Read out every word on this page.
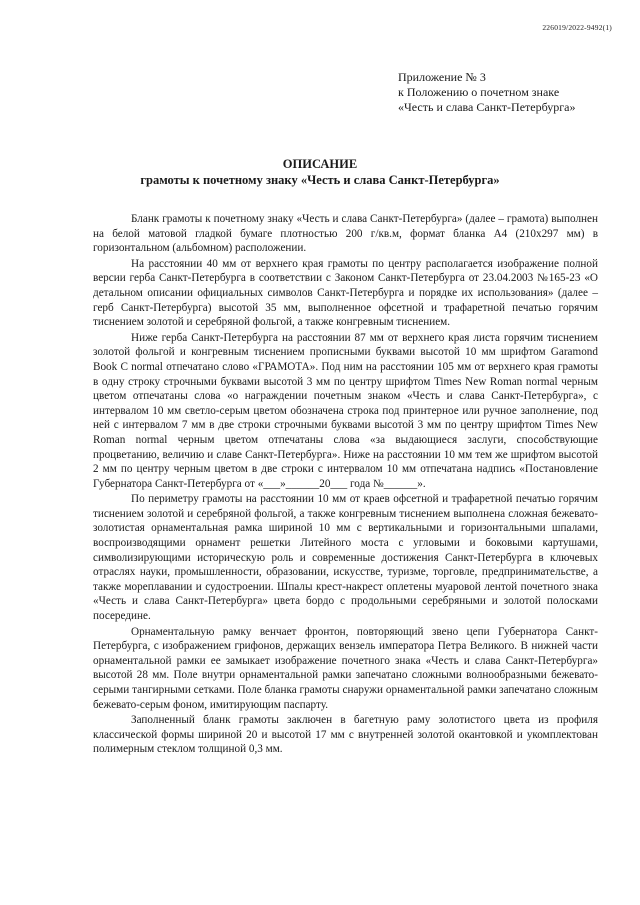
226019/2022-9492(1)
Приложение № 3
к Положению о почетном знаке
«Честь и слава Санкт-Петербурга»
ОПИСАНИЕ
грамоты к почетному знаку «Честь и слава Санкт-Петербурга»

Бланк грамоты к почетному знаку «Честь и слава Санкт-Петербурга» (далее – грамота) выполнен на белой матовой гладкой бумаге плотностью 200 г/кв.м, формат бланка А4 (210х297 мм) в горизонтальном (альбомном) расположении.

На расстоянии 40 мм от верхнего края грамоты по центру располагается изображение полной версии герба Санкт-Петербурга в соответствии с Законом Санкт-Петербурга от 23.04.2003 №165-23 «О детальном описании официальных символов Санкт-Петербурга и порядке их использования» (далее – герб Санкт-Петербурга) высотой 35 мм, выполненное офсетной и трафаретной печатью горячим тиснением золотой и серебряной фольгой, а также конгревным тиснением.

Ниже герба Санкт-Петербурга на расстоянии 87 мм от верхнего края листа горячим тиснением золотой фольгой и конгревным тиснением прописными буквами высотой 10 мм шрифтом Garamond Book C normal отпечатано слово «ГРАМОТА». Под ним на расстоянии 105 мм от верхнего края грамоты в одну строку строчными буквами высотой 3 мм по центру шрифтом Times New Roman normal черным цветом отпечатаны слова «о награждении почетным знаком «Честь и слава Санкт-Петербурга», с интервалом 10 мм светло-серым цветом обозначена строка под принтерное или ручное заполнение, под ней с интервалом 7 мм в две строки строчными буквами высотой 3 мм по центру шрифтом Times New Roman normal черным цветом отпечатаны слова «за выдающиеся заслуги, способствующие процветанию, величию и славе Санкт-Петербурга». Ниже на расстоянии 10 мм тем же шрифтом высотой 2 мм по центру черным цветом в две строки с интервалом 10 мм отпечатана надпись «Постановление Губернатора Санкт-Петербурга от «___»______20___ года №______».

По периметру грамоты на расстоянии 10 мм от краев офсетной и трафаретной печатью горячим тиснением золотой и серебряной фольгой, а также конгревным тиснением выполнена сложная бежевато-золотистая орнаментальная рамка шириной 10 мм с вертикальными и горизонтальными шпалами, воспроизводящими орнамент решетки Литейного моста с угловыми и боковыми картушами, символизирующими историческую роль и современные достижения Санкт-Петербурга в ключевых отраслях науки, промышленности, образовании, искусстве, туризме, торговле, предпринимательстве, а также мореплавании и судостроении. Шпалы крест-накрест оплетены муаровой лентой почетного знака «Честь и слава Санкт-Петербурга» цвета бордо с продольными серебряными и золотой полосками посередине.

Орнаментальную рамку венчает фронтон, повторяющий звено цепи Губернатора Санкт-Петербурга, с изображением грифонов, держащих вензель императора Петра Великого. В нижней части орнаментальной рамки ее замыкает изображение почетного знака «Честь и слава Санкт-Петербурга» высотой 28 мм. Поле внутри орнаментальной рамки запечатано сложными волнообразными бежевато-серыми тангирными сетками. Поле бланка грамоты снаружи орнаментальной рамки запечатано сложным бежевато-серым фоном, имитирующим паспарту.

Заполненный бланк грамоты заключен в багетную раму золотистого цвета из профиля классической формы шириной 20 и высотой 17 мм с внутренней золотой окантовкой и укомплектован полимерным стеклом толщиной 0,3 мм.
